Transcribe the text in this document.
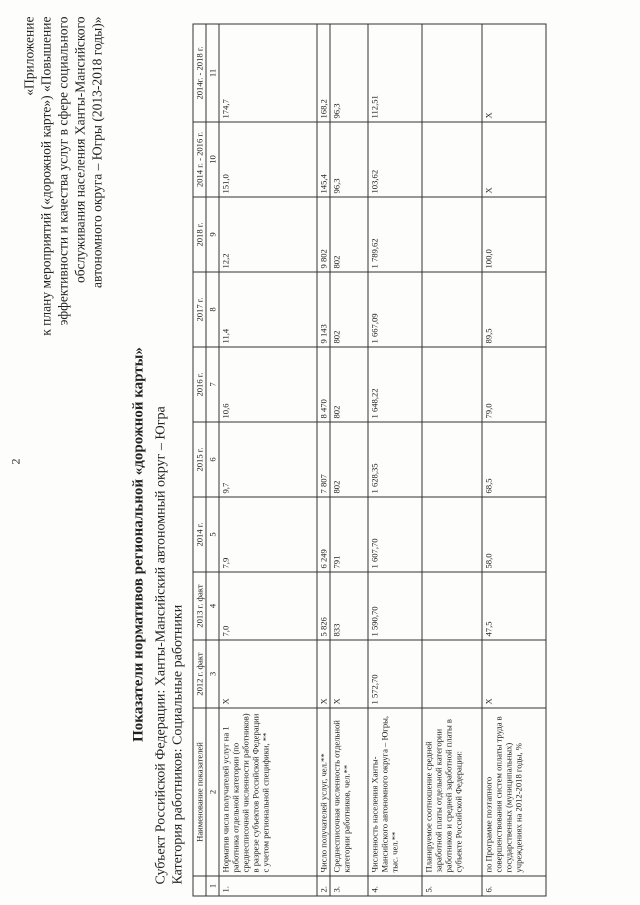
2
«Приложение к плану мероприятий («дорожной карте») «Повышение эффективности и качества услуг в сфере социального обслуживания населения Ханты-Мансийского автономного округа – Югры (2013-2018 годы)»
Показатели нормативов региональной «дорожной карты» Субъект Российской Федерации: Ханты-Мансийский автономный округ – Югра Категория работников: Социальные работники
	Наименование показателей	2012 г. факт	2013 г. факт	2014 г.	2015 г.	2016 г.	2017 г.	2018 г.	2014 г. - 2016 г.	2014г. - 2018 г.
1	2	3	4	5	6	7	8	9	10	11
1.	Норматив числа получателей услуг на 1 работника отдельной категории (по среднесписочной численности работников) в разрезе субъектов Российской Федерации с учетом региональной специфики, **	Х	7,0	7,9	9,7	10,6	11,4	12,2	151,0	174,7
2.	Число получателей услуг, чел.**	Х	5 826	6 249	7 807	8 470	9 143	9 802	145,4	168,2
3.	Среднесписочная численность отдельной категории работников, чел.**	Х	833	791	802	802	802	802	96,3	96,3
4.	Численность населения Ханты-Мансийского автономного округа – Югры, тыс. чел.**	1 572,70	1 590,70	1 607,70	1 628,35	1 648,22	1 667,09	1 789,62	103,62	112,51
5.	Планируемое соотношение средней заработной платы отдельной категории работников и средней заработной платы в субъекте Российской Федерации:									
6.	по Программе поэтапного совершенствования систем оплаты труда в государственных (муниципальных) учреждениях на 2012-2018 годы, %	Х	47,5	58,0	68,5	79,0	89,5	100,0	Х	Х
